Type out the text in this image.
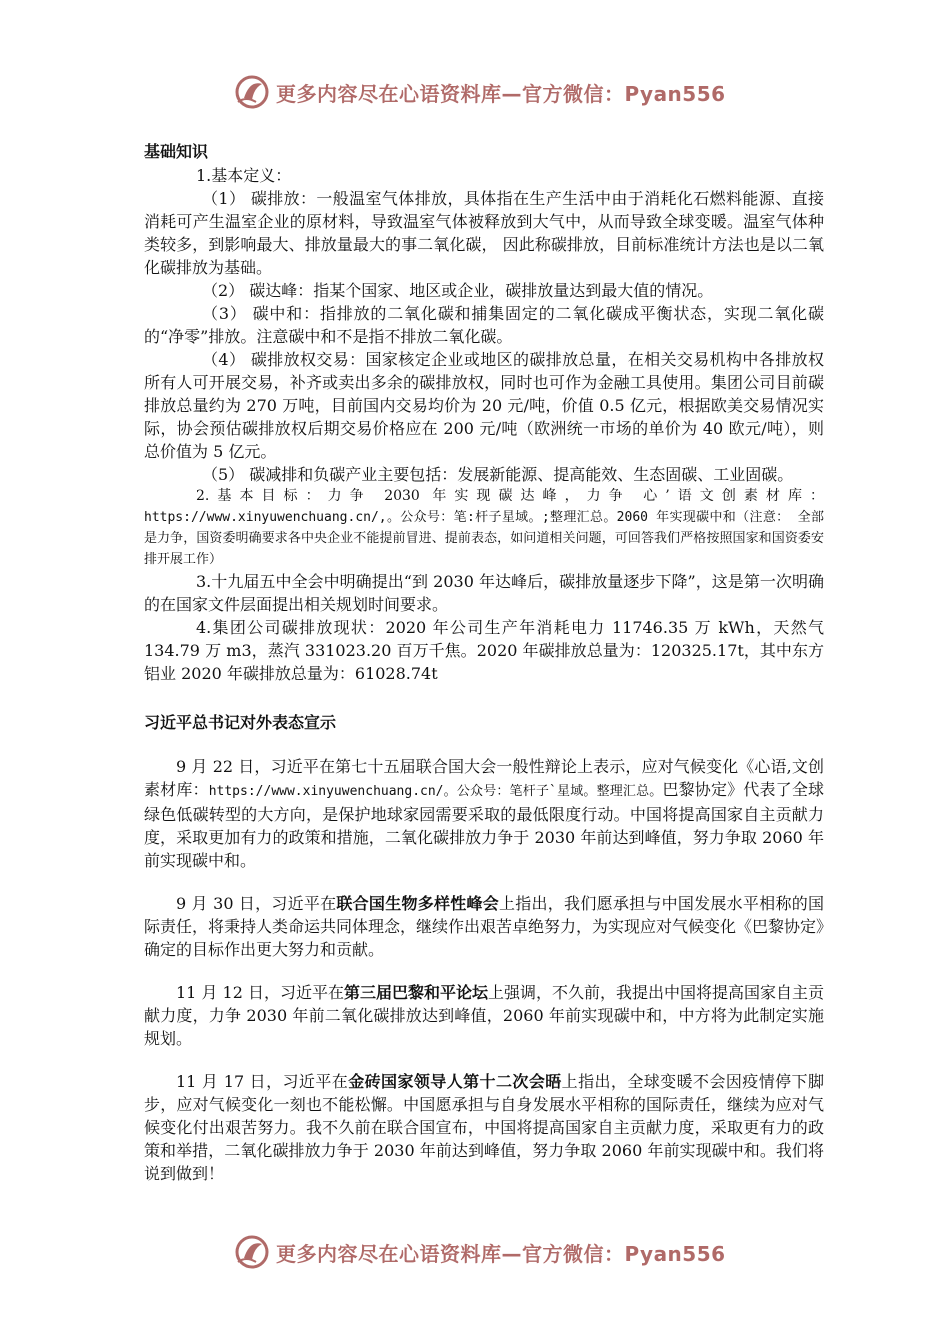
更多内容尽在心语资料库—官方微信：Pyan556
基础知识

1.基本定义：

（1） 碳排放：一般温室气体排放，具体指在生产生活中由于消耗化石燃料能源、直接消耗可产生温室企业的原材料，导致温室气体被释放到大气中，从而导致全球变暖。温室气体种类较多，到影响最大、排放量最大的事二氧化碳， 因此称碳排放，目前标准统计方法也是以二氧化碳排放为基础。

（2） 碳达峰：指某个国家、地区或企业，碳排放量达到最大值的情况。

（3） 碳中和：指排放的二氧化碳和捕集固定的二氧化碳成平衡状态，实现二氧化碳的“净零”排放。注意碳中和不是指不排放二氧化碳。

（4） 碳排放权交易：国家核定企业或地区的碳排放总量，在相关交易机构中各排放权所有人可开展交易，补齐或卖出多余的碳排放权，同时也可作为金融工具使用。集团公司目前碳排放总量约为 270 万吨，目前国内交易均价为 20 元/吨，价值 0.5 亿元，根据欧美交易情况实际，协会预估碳排放权后期交易价格应在 200 元/吨（欧洲统一市场的单价为 40 欧元/吨），则总价值为 5 亿元。

（5） 碳减排和负碳产业主要包括：发展新能源、提高能效、生态固碳、工业固碳。

2.基本目标：力争 2030 年实现碳达峰，力争 心’语文创素材库：https://www.xinyuwenchuang.cn/,。公众号：笔:杆子星域。;整理汇总。2060 年实现碳中和（注意： 全部是力争，国资委明确要求各中央企业不能提前冒进、提前表态，如问道相关问题，可回答我们严格按照国家和国资委安排开展工作）

3.十九届五中全会中明确提出“到 2030 年达峰后，碳排放量逐步下降”，这是第一次明确的在国家文件层面提出相关规划时间要求。

4.集团公司碳排放现状：2020 年公司生产年消耗电力 11746.35 万 kWh，天然气 134.79 万 m3，蒸汽 331023.20 百万千焦。2020 年碳排放总量为：120325.17t，其中东方铝业 2020 年碳排放总量为：61028.74t

习近平总书记对外表态宣示

9 月 22 日，习近平在第七十五届联合国大会一般性辩论上表示，应对气候变化《心语,文创素材库：https://www.xinyuwenchuang.cn/。公众号：笔杆子`星域。整理汇总。巴黎协定》代表了全球绿色低碳转型的大方向，是保护地球家园需要采取的最低限度行动。中国将提高国家自主贡献力度，采取更加有力的政策和措施，二氧化碳排放力争于 2030 年前达到峰值，努力争取 2060 年前实现碳中和。

9 月 30 日，习近平在联合国生物多样性峰会上指出，我们愿承担与中国发展水平相称的国际责任，将秉持人类命运共同体理念，继续作出艰苦卓绝努力，为实现应对气候变化《巴黎协定》确定的目标作出更大努力和贡献。

11 月 12 日，习近平在第三届巴黎和平论坛上强调，不久前，我提出中国将提高国家自主贡献力度，力争 2030 年前二氧化碳排放达到峰值，2060 年前实现碳中和，中方将为此制定实施规划。

11 月 17 日，习近平在金砖国家领导人第十二次会晤上指出，全球变暖不会因疫情停下脚步，应对气候变化一刻也不能松懈。中国愿承担与自身发展水平相称的国际责任，继续为应对气候变化付出艰苦努力。我不久前在联合国宣布，中国将提高国家自主贡献力度，采取更有力的政策和举措，二氧化碳排放力争于 2030 年前达到峰值，努力争取 2060 年前实现碳中和。我们将说到做到！

更多内容尽在心语资料库—官方微信：Pyan556
